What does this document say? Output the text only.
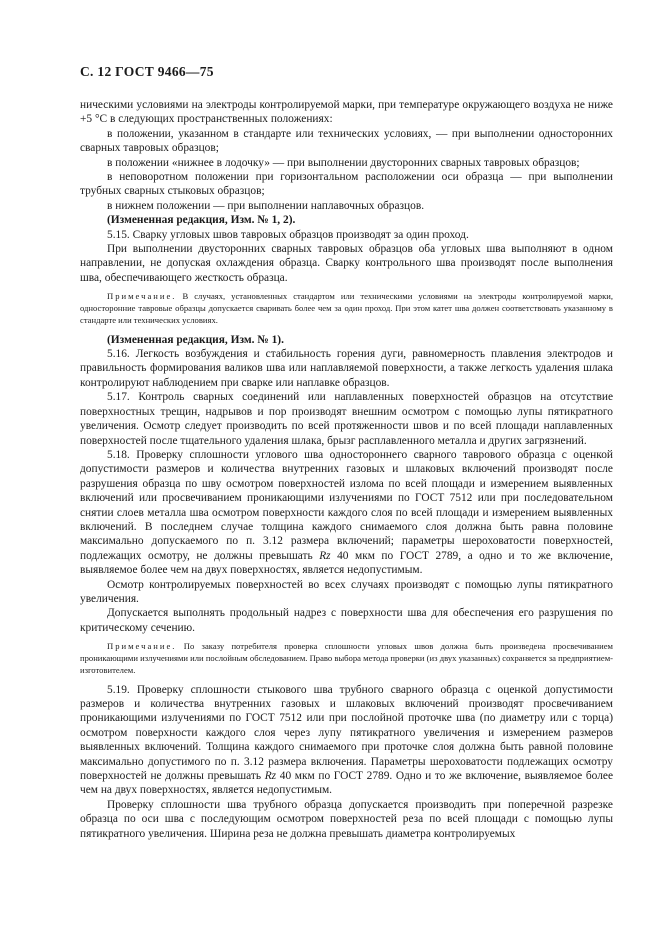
С. 12 ГОСТ 9466—75

ническими условиями на электроды контролируемой марки, при температуре окружающего воздуха не ниже +5 °С в следующих пространственных положениях:

в положении, указанном в стандарте или технических условиях, — при выполнении односторонних сварных тавровых образцов;

в положении «нижнее в лодочку» — при выполнении двусторонних сварных тавровых образцов;

в неповоротном положении при горизонтальном расположении оси образца — при выполнении трубных сварных стыковых образцов;

в нижнем положении — при выполнении наплавочных образцов.

(Измененная редакция, Изм. № 1, 2).

5.15. Сварку угловых швов тавровых образцов производят за один проход.

При выполнении двусторонних сварных тавровых образцов оба угловых шва выполняют в одном направлении, не допуская охлаждения образца. Сварку контрольного шва производят после выполнения шва, обеспечивающего жесткость образца.

Примечание. В случаях, установленных стандартом или техническими условиями на электроды контролируемой марки, односторонние тавровые образцы допускается сваривать более чем за один проход. При этом катет шва должен соответствовать указанному в стандарте или технических условиях.

(Измененная редакция, Изм. № 1).

5.16. Легкость возбуждения и стабильность горения дуги, равномерность плавления электродов и правильность формирования валиков шва или наплавляемой поверхности, а также легкость удаления шлака контролируют наблюдением при сварке или наплавке образцов.

5.17. Контроль сварных соединений или наплавленных поверхностей образцов на отсутствие поверхностных трещин, надрывов и пор производят внешним осмотром с помощью лупы пятикратного увеличения. Осмотр следует производить по всей протяженности швов и по всей площади наплавленных поверхностей после тщательного удаления шлака, брызг расплавленного металла и других загрязнений.

5.18. Проверку сплошности углового шва одностороннего сварного таврового образца с оценкой допустимости размеров и количества внутренних газовых и шлаковых включений производят после разрушения образца по шву осмотром поверхностей излома по всей площади и измерением выявленных включений или просвечиванием проникающими излучениями по ГОСТ 7512 или при последовательном снятии слоев металла шва осмотром поверхности каждого слоя по всей площади и измерением выявленных включений. В последнем случае толщина каждого снимаемого слоя должна быть равна половине максимально допускаемого по п. 3.12 размера включений; параметры шероховатости поверхностей, подлежащих осмотру, не должны превышать Rz 40 мкм по ГОСТ 2789, а одно и то же включение, выявляемое более чем на двух поверхностях, является недопустимым.

Осмотр контролируемых поверхностей во всех случаях производят с помощью лупы пятикратного увеличения.

Допускается выполнять продольный надрез с поверхности шва для обеспечения его разрушения по критическому сечению.

Примечание. По заказу потребителя проверка сплошности угловых швов должна быть произведена просвечиванием проникающими излучениями или послойным обследованием. Право выбора метода проверки (из двух указанных) сохраняется за предприятием-изготовителем.

5.19. Проверку сплошности стыкового шва трубного сварного образца с оценкой допустимости размеров и количества внутренних газовых и шлаковых включений производят просвечиванием проникающими излучениями по ГОСТ 7512 или при послойной проточке шва (по диаметру или с торца) осмотром поверхности каждого слоя через лупу пятикратного увеличения и измерением размеров выявленных включений. Толщина каждого снимаемого при проточке слоя должна быть равной половине максимально допустимого по п. 3.12 размера включения. Параметры шероховатости подлежащих осмотру поверхностей не должны превышать Rz 40 мкм по ГОСТ 2789. Одно и то же включение, выявляемое более чем на двух поверхностях, является недопустимым.

Проверку сплошности шва трубного образца допускается производить при поперечной разрезке образца по оси шва с последующим осмотром поверхностей реза по всей площади с помощью лупы пятикратного увеличения. Ширина реза не должна превышать диаметра контролируемых
